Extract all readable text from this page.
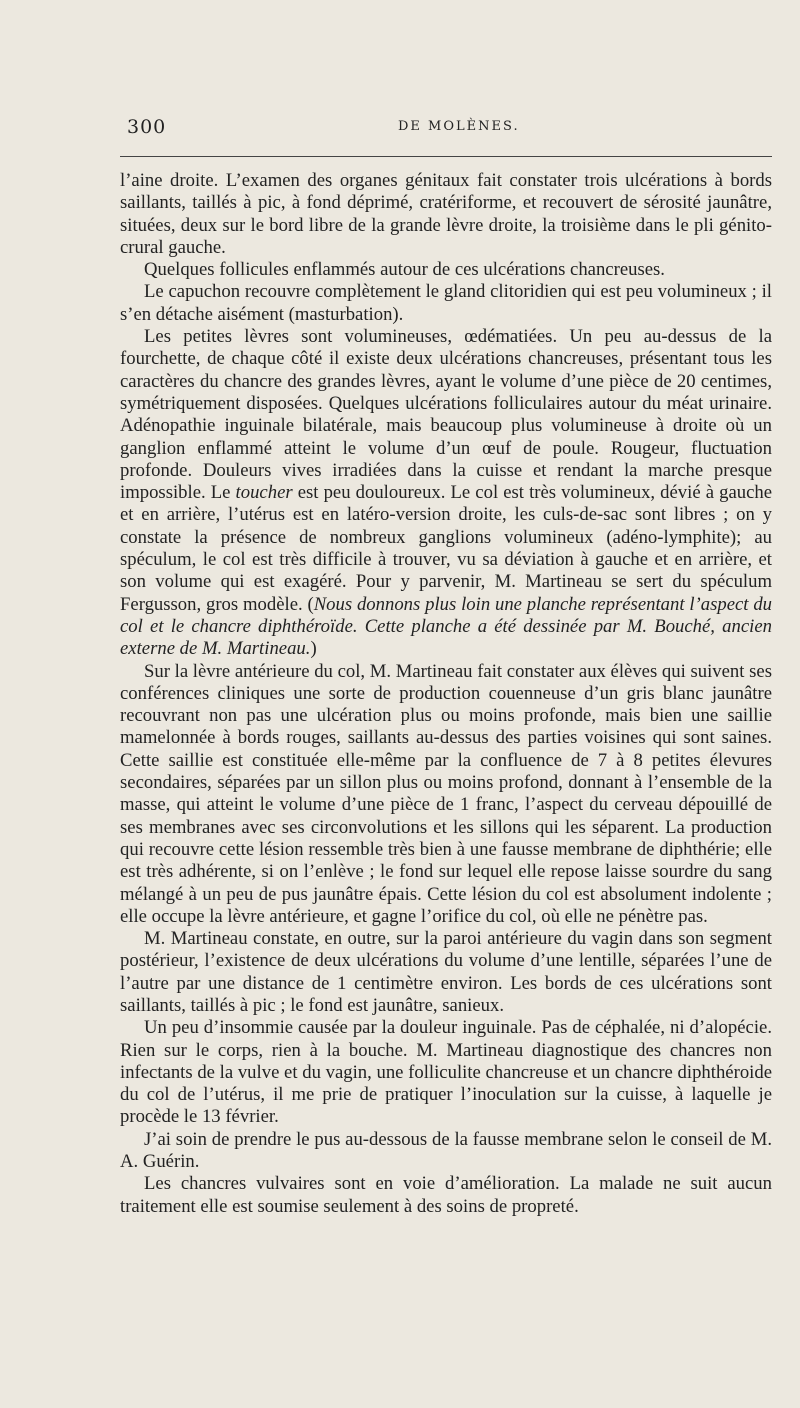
300	DE MOLÈNES.

l’aine droite. L’examen des organes génitaux fait constater trois ulcérations à bords saillants, taillés à pic, à fond déprimé, cratériforme, et recouvert de sérosité jaunâtre, situées, deux sur le bord libre de la grande lèvre droite, la troisième dans le pli génito-crural gauche.

Quelques follicules enflammés autour de ces ulcérations chancreuses.

Le capuchon recouvre complètement le gland clitoridien qui est peu volumineux ; il s’en détache aisément (masturbation).

Les petites lèvres sont volumineuses, œdématiées. Un peu au-dessus de la fourchette, de chaque côté il existe deux ulcérations chancreuses, présentant tous les caractères du chancre des grandes lèvres, ayant le volume d’une pièce de 20 centimes, symétriquement disposées. Quelques ulcérations folliculaires autour du méat urinaire. Adénopathie inguinale bilatérale, mais beaucoup plus volumineuse à droite où un ganglion enflammé atteint le volume d’un œuf de poule. Rougeur, fluctuation profonde. Douleurs vives irradiées dans la cuisse et rendant la marche presque impossible. Le toucher est peu douloureux. Le col est très volumineux, dévié à gauche et en arrière, l’utérus est en latéro-version droite, les culs-de-sac sont libres ; on y constate la présence de nombreux ganglions volumineux (adéno-lymphite); au spéculum, le col est très difficile à trouver, vu sa déviation à gauche et en arrière, et son volume qui est exagéré. Pour y parvenir, M. Martineau se sert du spéculum Fergusson, gros modèle. (Nous donnons plus loin une planche représentant l’aspect du col et le chancre diphthéroïde. Cette planche a été dessinée par M. Bouché, ancien externe de M. Martineau.)

Sur la lèvre antérieure du col, M. Martineau fait constater aux élèves qui suivent ses conférences cliniques une sorte de production couenneuse d’un gris blanc jaunâtre recouvrant non pas une ulcération plus ou moins profonde, mais bien une saillie mamelonnée à bords rouges, saillants au-dessus des parties voisines qui sont saines. Cette saillie est constituée elle-même par la confluence de 7 à 8 petites élevures secondaires, séparées par un sillon plus ou moins profond, donnant à l’ensemble de la masse, qui atteint le volume d’une pièce de 1 franc, l’aspect du cerveau dépouillé de ses membranes avec ses circonvolutions et les sillons qui les séparent. La production qui recouvre cette lésion ressemble très bien à une fausse membrane de diphthérie; elle est très adhérente, si on l’enlève ; le fond sur lequel elle repose laisse sourdre du sang mélangé à un peu de pus jaunâtre épais. Cette lésion du col est absolument indolente ; elle occupe la lèvre antérieure, et gagne l’orifice du col, où elle ne pénètre pas.

M. Martineau constate, en outre, sur la paroi antérieure du vagin dans son segment postérieur, l’existence de deux ulcérations du volume d’une lentille, séparées l’une de l’autre par une distance de 1 centimètre environ. Les bords de ces ulcérations sont saillants, taillés à pic ; le fond est jaunâtre, sanieux.

Un peu d’insommie causée par la douleur inguinale. Pas de céphalée, ni d’alopécie. Rien sur le corps, rien à la bouche. M. Martineau diagnostique des chancres non infectants de la vulve et du vagin, une folliculite chancreuse et un chancre diphthéroide du col de l’utérus, il me prie de pratiquer l’inoculation sur la cuisse, à laquelle je procède le 13 février.

J’ai soin de prendre le pus au-dessous de la fausse membrane selon le conseil de M. A. Guérin.

Les chancres vulvaires sont en voie d’amélioration. La malade ne suit aucun traitement elle est soumise seulement à des soins de propreté.
